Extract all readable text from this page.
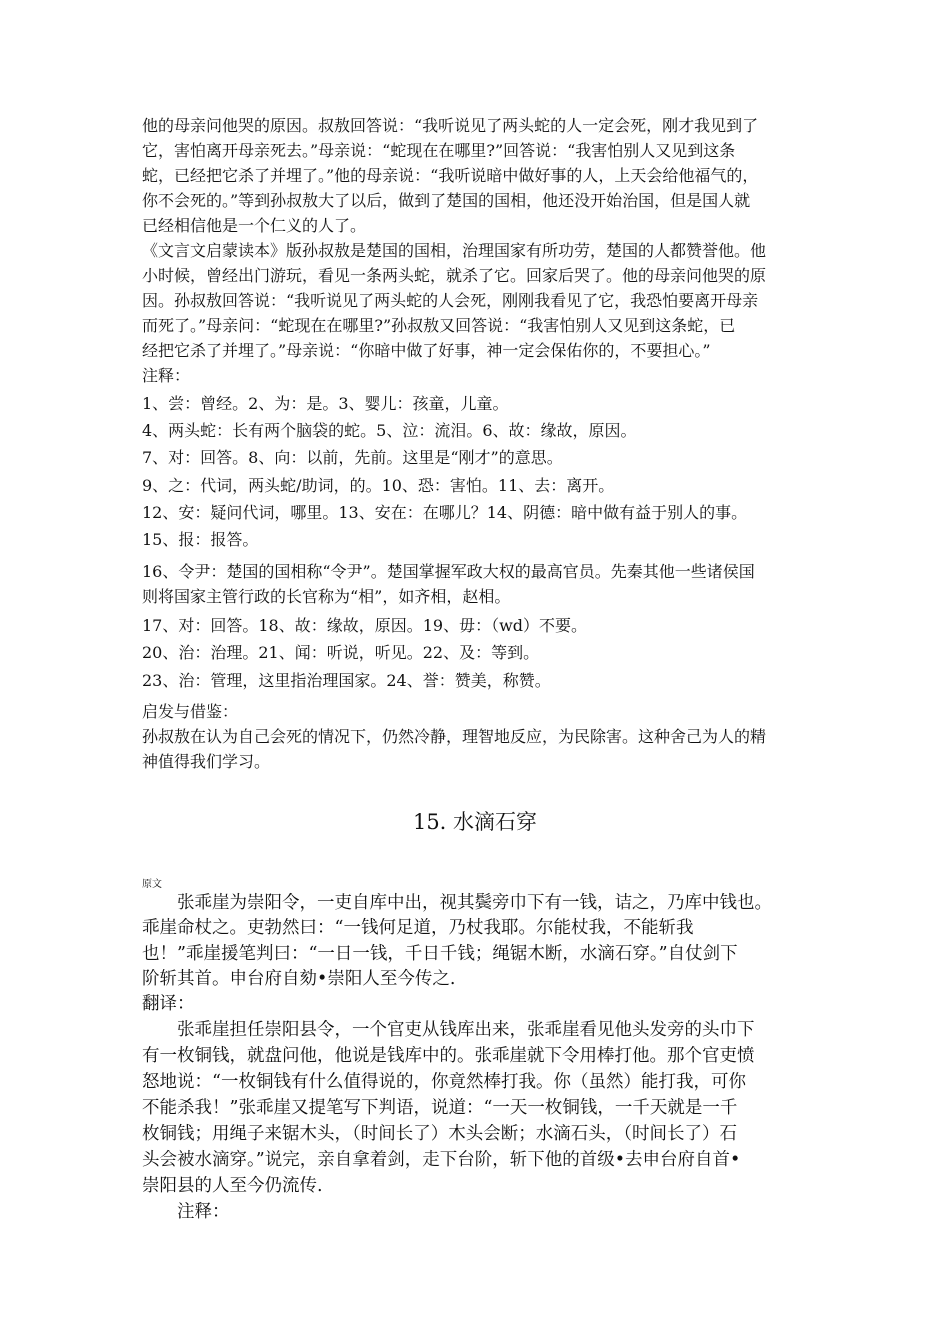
他的母亲问他哭的原因。叔敖回答说：“我听说见了两头蛇的人一定会死，刚才我见到了
它，害怕离开母亲死去。”母亲说：“蛇现在在哪里?”回答说：“我害怕别人又见到这条
蛇，已经把它杀了并埋了。”他的母亲说：“我听说暗中做好事的人，上天会给他福气的，
你不会死的。”等到孙叔敖大了以后，做到了楚国的国相，他还没开始治国，但是国人就
已经相信他是一个仁义的人了。
《文言文启蒙读本》版孙叔敖是楚国的国相，治理国家有所功劳，楚国的人都赞誉他。他
小时候，曾经出门游玩，看见一条两头蛇，就杀了它。回家后哭了。他的母亲问他哭的原
因。孙叔敖回答说：“我听说见了两头蛇的人会死，刚刚我看见了它，我恐怕要离开母亲
而死了。”母亲问：“蛇现在在哪里?”孙叔敖又回答说：“我害怕别人又见到这条蛇，已
经把它杀了并埋了。”母亲说：“你暗中做了好事，神一定会保佑你的，不要担心。”
注释：
1、尝：曾经。2、为：是。3、婴儿：孩童，儿童。
4、两头蛇：长有两个脑袋的蛇。5、泣：流泪。6、故：缘故，原因。
7、对：回答。8、向：以前，先前。这里是“刚才”的意思。
9、之：代词，两头蛇/助词，的。10、恐：害怕。11、去：离开。
12、安：疑问代词，哪里。13、安在：在哪儿？14、阴德：暗中做有益于别人的事。
15、报：报答。
16、令尹：楚国的国相称“令尹”。楚国掌握军政大权的最高官员。先秦其他一些诸侯国
则将国家主管行政的长官称为“相”，如齐相，赵相。
17、对：回答。18、故：缘故，原因。19、毋：（wd）不要。
20、治：治理。21、闻：听说，听见。22、及：等到。
23、治：管理，这里指治理国家。24、誉：赞美，称赞。
启发与借鉴：
孙叔敖在认为自己会死的情况下，仍然冷静，理智地反应，为民除害。这种舍己为人的精
神值得我们学习。
15. 水滴石穿
原文
　　张乖崖为崇阳令，一吏自库中出，视其鬓旁巾下有一钱，诘之，乃库中钱也。
乖崖命杖之。吏勃然曰：“一钱何足道，乃杖我耶。尔能杖我，不能斩我
也！”乖崖援笔判曰：“一日一钱，千日千钱；绳锯木断，水滴石穿。”自仗剑下
阶斩其首。申台府自劾•崇阳人至今传之.
翻译：
　　张乖崖担任崇阳县令，一个官吏从钱库出来，张乖崖看见他头发旁的头巾下
有一枚铜钱，就盘问他，他说是钱库中的。张乖崖就下令用棒打他。那个官吏愤
怒地说：“一枚铜钱有什么值得说的，你竟然棒打我。你（虽然）能打我，可你
不能杀我！”张乖崖又提笔写下判语，说道：“一天一枚铜钱，一千天就是一千
枚铜钱；用绳子来锯木头，（时间长了）木头会断；水滴石头，（时间长了）石
头会被水滴穿。”说完，亲自拿着剑，走下台阶，斩下他的首级•去申台府自首•
崇阳县的人至今仍流传.
　　注释：
